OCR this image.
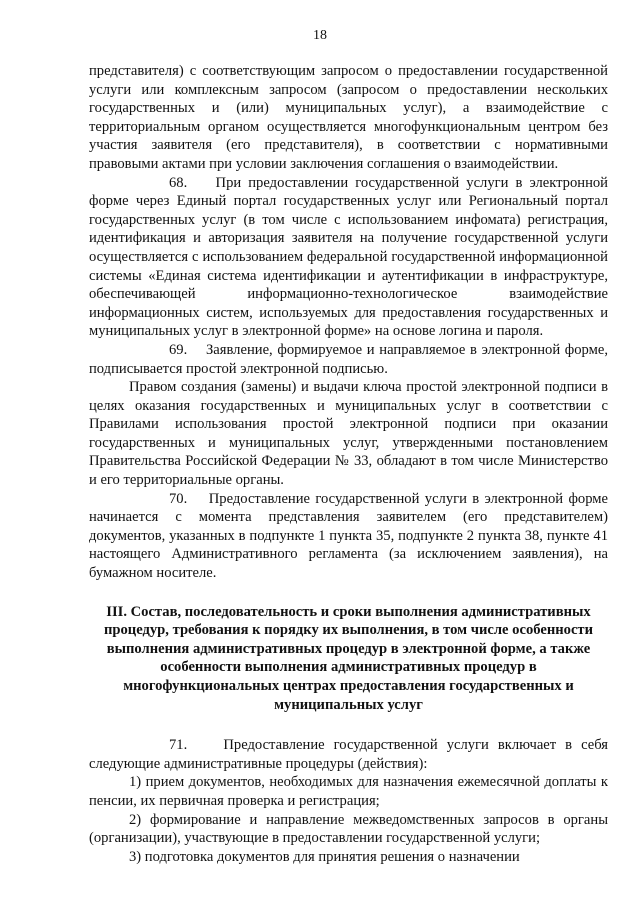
18

представителя) с соответствующим запросом о предоставлении государственной услуги или комплексным запросом (запросом о предоставлении нескольких государственных и (или) муниципальных услуг), а взаимодействие с территориальным органом осуществляется многофункциональным центром без участия заявителя (его представителя), в соответствии с нормативными правовыми актами при условии заключения соглашения о взаимодействии.

68. При предоставлении государственной услуги в электронной форме через Единый портал государственных услуг или Региональный портал государственных услуг (в том числе с использованием инфомата) регистрация, идентификация и авторизация заявителя на получение государственной услуги осуществляется с использованием федеральной государственной информационной системы «Единая система идентификации и аутентификации в инфраструктуре, обеспечивающей информационно-технологическое взаимодействие информационных систем, используемых для предоставления государственных и муниципальных услуг в электронной форме» на основе логина и пароля.

69. Заявление, формируемое и направляемое в электронной форме, подписывается простой электронной подписью.

Правом создания (замены) и выдачи ключа простой электронной подписи в целях оказания государственных и муниципальных услуг в соответствии с Правилами использования простой электронной подписи при оказании государственных и муниципальных услуг, утвержденными постановлением Правительства Российской Федерации № 33, обладают в том числе Министерство и его территориальные органы.

70. Предоставление государственной услуги в электронной форме начинается с момента представления заявителем (его представителем) документов, указанных в подпункте 1 пункта 35, подпункте 2 пункта 38, пункте 41 настоящего Административного регламента (за исключением заявления), на бумажном носителе.

III. Состав, последовательность и сроки выполнения административных процедур, требования к порядку их выполнения, в том числе особенности выполнения административных процедур в электронной форме, а также особенности выполнения административных процедур в многофункциональных центрах предоставления государственных и муниципальных услуг

71. Предоставление государственной услуги включает в себя следующие административные процедуры (действия):

1) прием документов, необходимых для назначения ежемесячной доплаты к пенсии, их первичная проверка и регистрация;

2) формирование и направление межведомственных запросов в органы (организации), участвующие в предоставлении государственной услуги;

3) подготовка документов для принятия решения о назначении
